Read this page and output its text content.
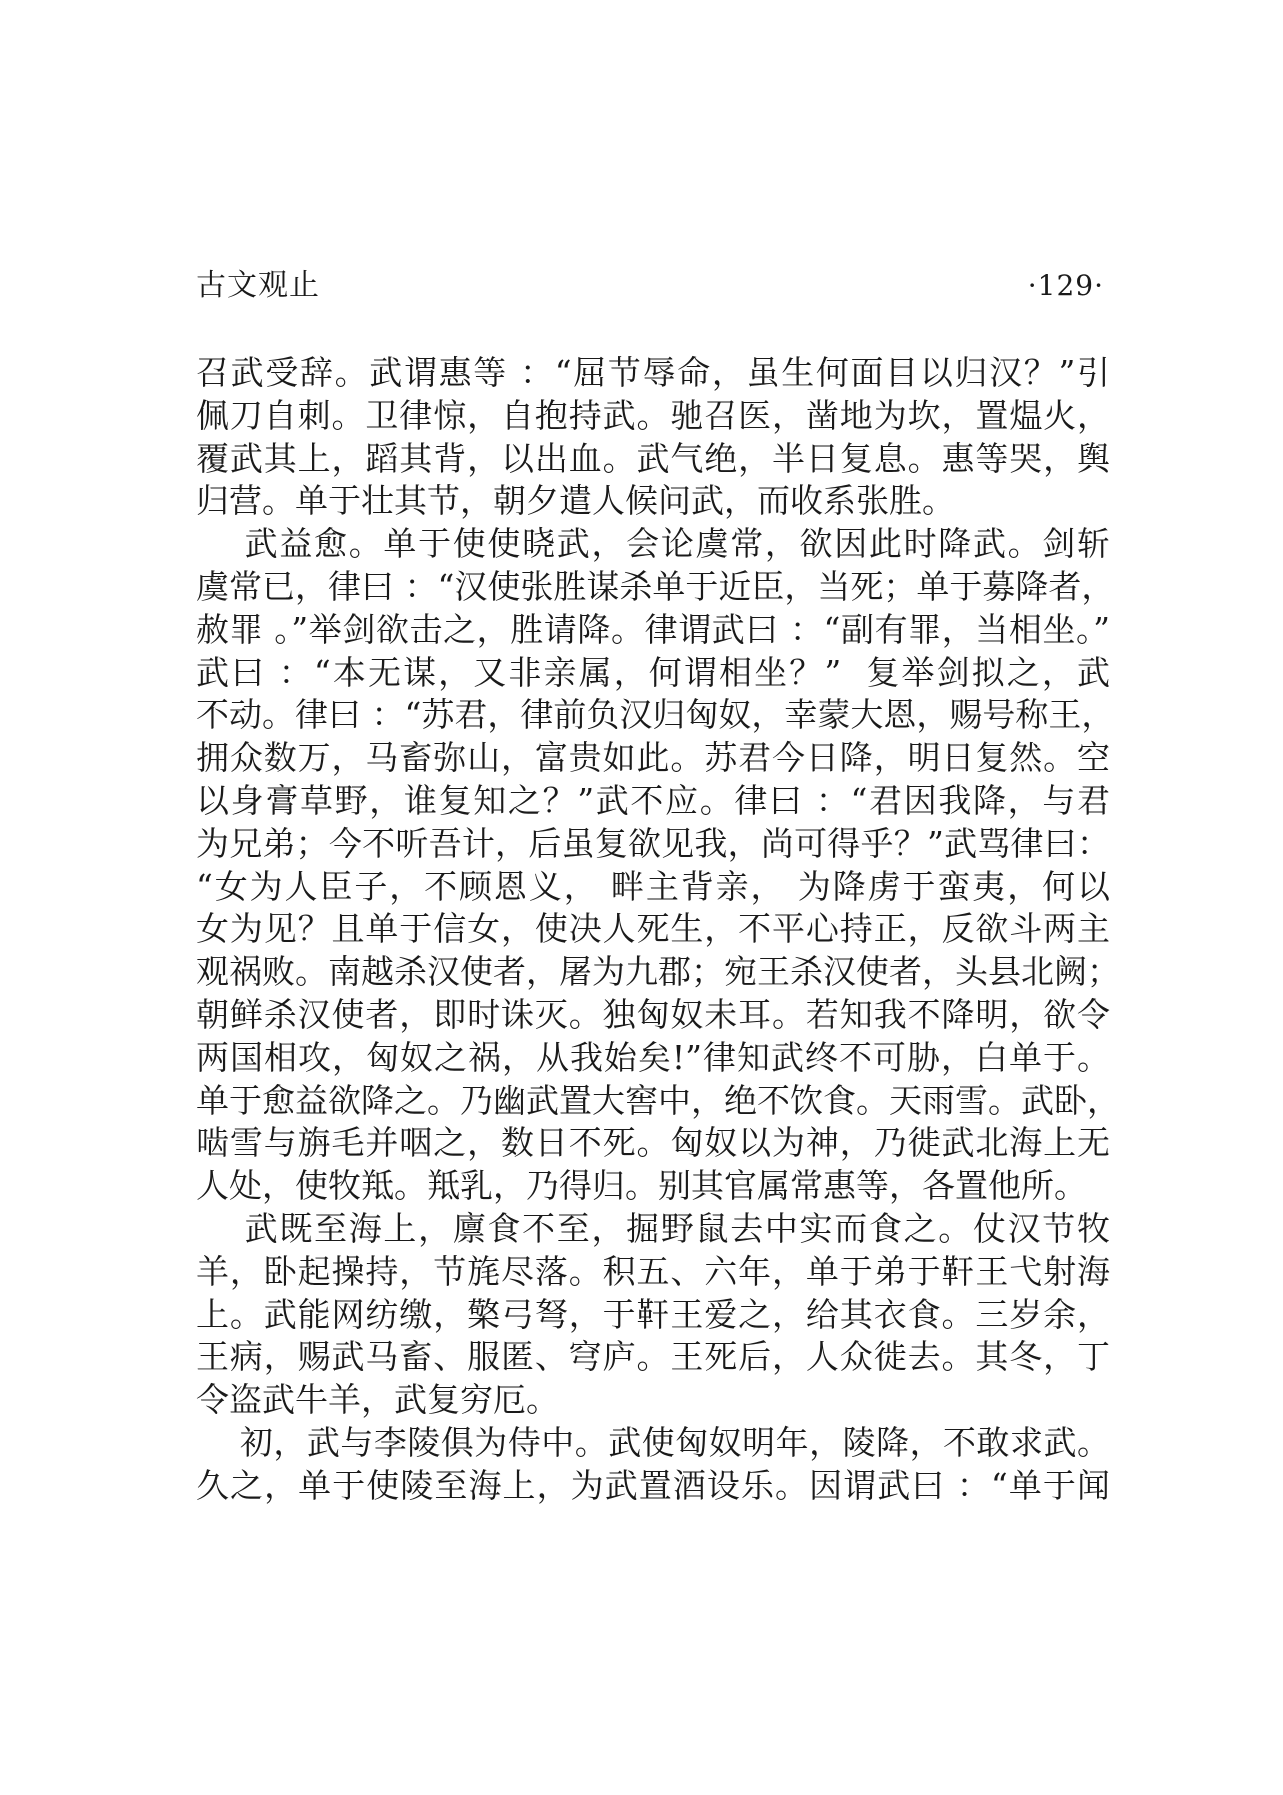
古文观止	·129·
召武受辞。武谓惠等 ：“屈节辱命，虽生何面目以归汉？”引
佩刀自刺。卫律惊，自抱持武。驰召医，凿地为坎，置煴火，
覆武其上，蹈其背，以出血。武气绝，半日复息。惠等哭，舆
归营。单于壮其节，朝夕遣人候问武，而收系张胜。
武益愈。单于使使晓武，会论虞常，欲因此时降武。剑斩
虞常已，律曰 ：“汉使张胜谋杀单于近臣，当死；单于募降者，
赦罪 。”举剑欲击之，胜请降。律谓武曰 ：“副有罪，当相坐。”
武曰 ：“本无谋，又非亲属，何谓相坐？”  复举剑拟之，武
不动。律曰 ：“苏君，律前负汉归匈奴，幸蒙大恩，赐号称王，
拥众数万，马畜弥山，富贵如此。苏君今日降，明日复然。空
以身膏草野，谁复知之？”武不应。律曰 ：“君因我降，与君
为兄弟；今不听吾计，后虽复欲见我，尚可得乎？”武骂律曰：
“女为人臣子，不顾恩义， 畔主背亲， 为降虏于蛮夷，何以
女为见？且单于信女，使决人死生，不平心持正，反欲斗两主
观祸败。南越杀汉使者，屠为九郡；宛王杀汉使者，头县北阙；
朝鲜杀汉使者，即时诛灭。独匈奴未耳。若知我不降明，欲令
两国相攻，匈奴之祸，从我始矣!”律知武终不可胁，白单于。
单于愈益欲降之。乃幽武置大窖中，绝不饮食。天雨雪。武卧，
啮雪与旃毛并咽之，数日不死。匈奴以为神，乃徙武北海上无
人处，使牧羝。羝乳，乃得归。别其官属常惠等，各置他所。
武既至海上，廪食不至，掘野鼠去中实而食之。仗汉节牧
羊，卧起操持，节旄尽落。积五、六年，单于弟于靬王弋射海
上。武能网纺缴，檠弓弩，于靬王爱之，给其衣食。三岁余，
王病，赐武马畜、服匿、穹庐。王死后，人众徙去。其冬，丁
令盗武牛羊，武复穷厄。
初，武与李陵俱为侍中。武使匈奴明年，陵降，不敢求武。
久之，单于使陵至海上，为武置酒设乐。因谓武曰 ：“单于闻
